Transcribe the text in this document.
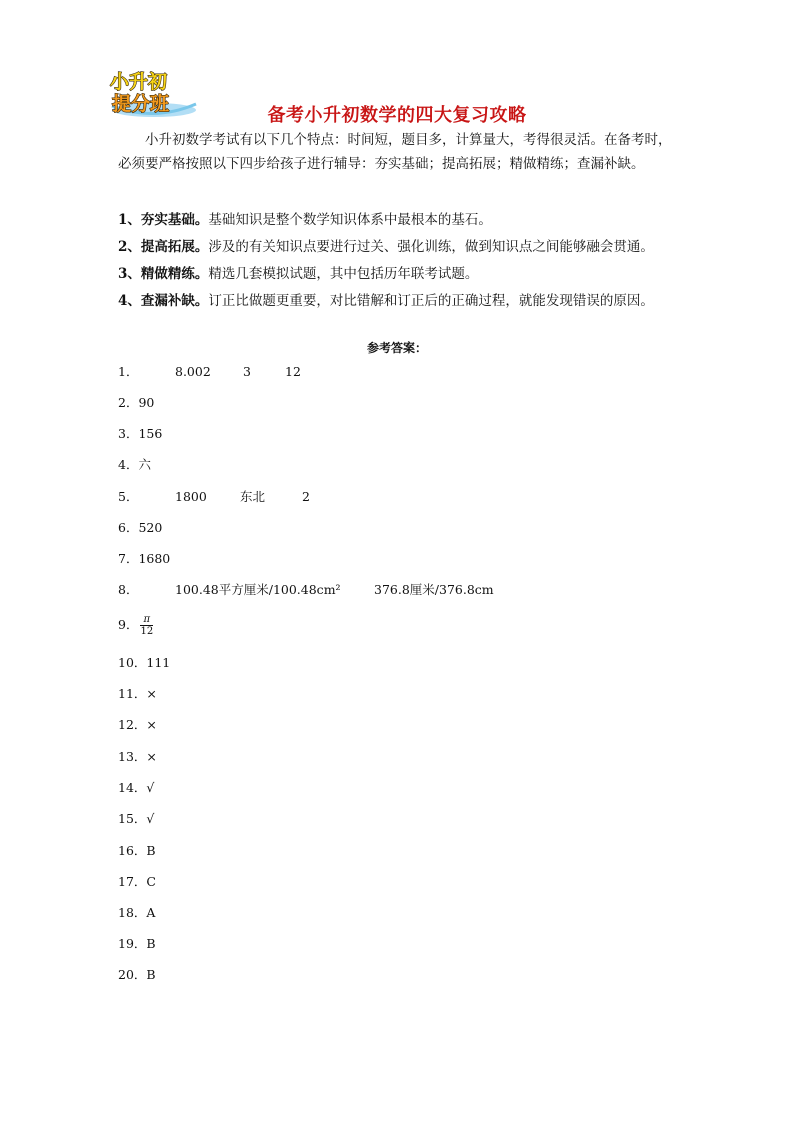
小升初
提分班
备考小升初数学的四大复习攻略
小升初数学考试有以下几个特点：时间短，题目多，计算量大，考得很灵活。在备考时，必须要严格按照以下四步给孩子进行辅导：夯实基础；提高拓展；精做精练；查漏补缺。
1、夯实基础。基础知识是整个数学知识体系中最根本的基石。
2、提高拓展。涉及的有关知识点要进行过关、强化训练，做到知识点之间能够融会贯通。
3、精做精练。精选几套模拟试题，其中包括历年联考试题。
4、查漏补缺。订正比做题更重要，对比错解和订正后的正确过程，就能发现错误的原因。
参考答案：
1．	8.002	3	12
2．90
3．156
4．六
5．	1800	东北	2
6．520
7．1680
8．	100.48平方厘米/100.48cm²	376.8厘米/376.8cm
9． $\frac{\pi}{12}$
10．111
11．×
12．×
13．×
14．√
15．√
16．B
17．C
18．A
19．B
20．B
